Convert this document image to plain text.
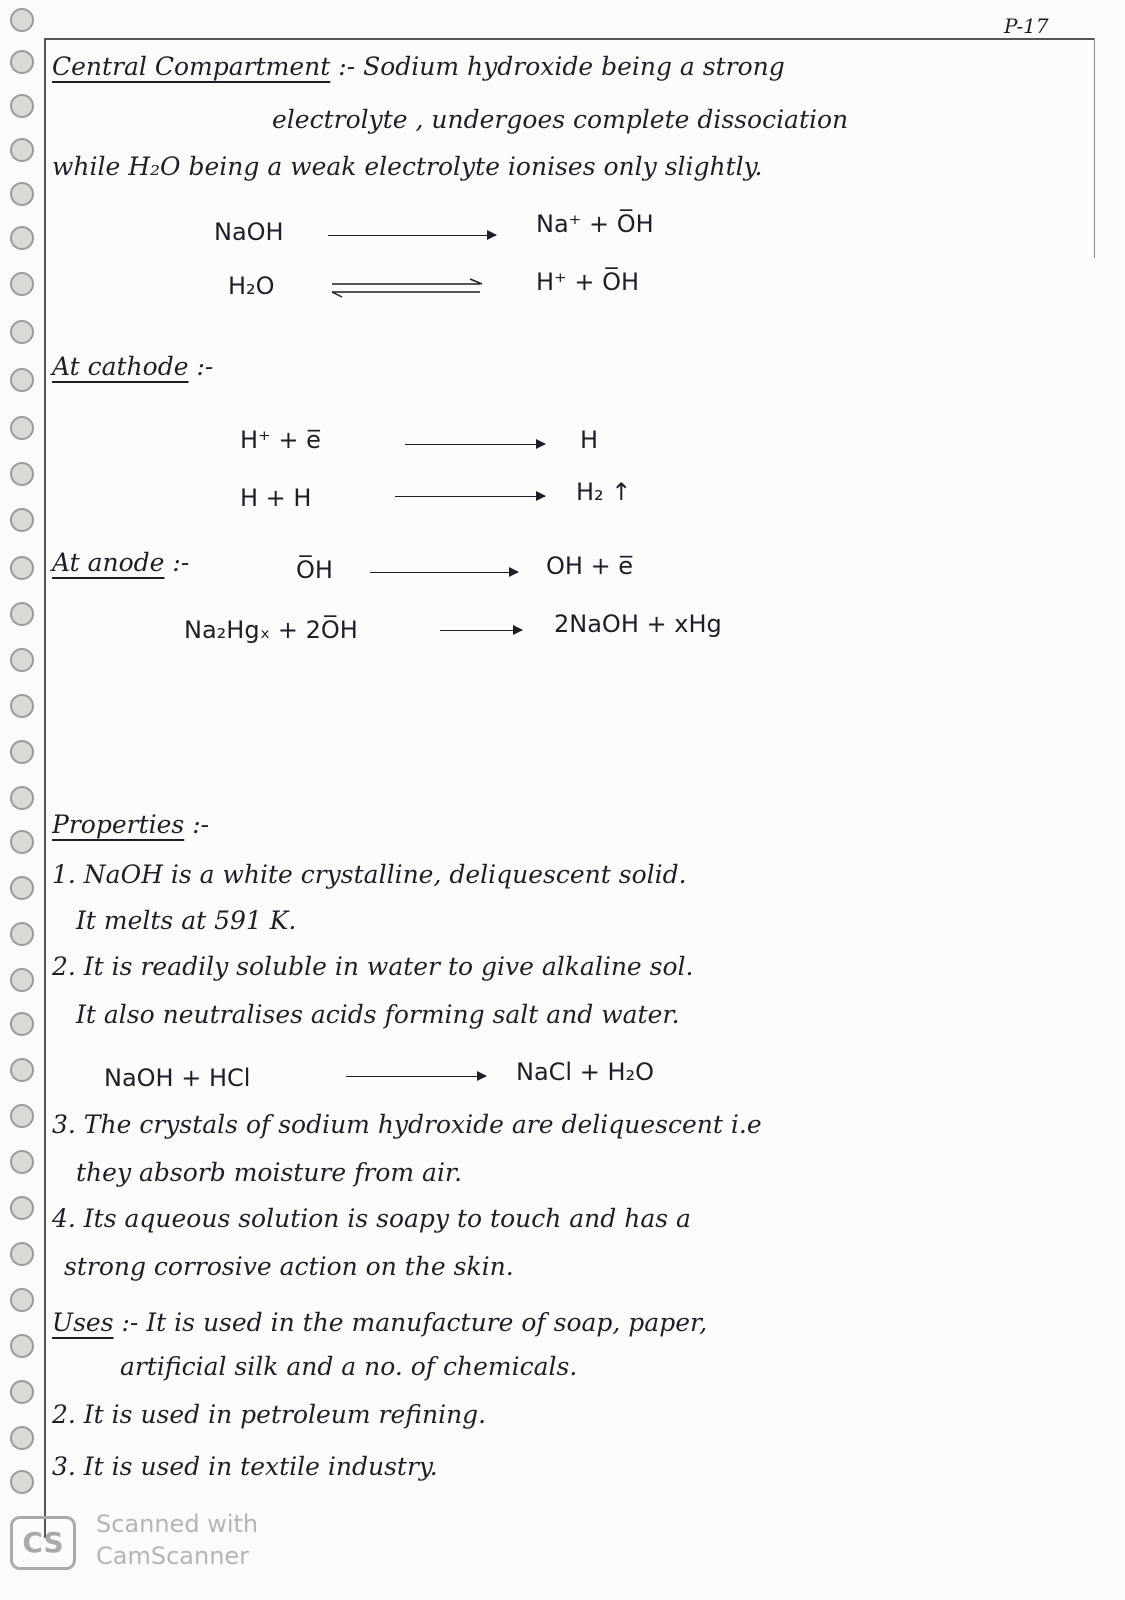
P-17
Central Compartment :- Sodium hydroxide being a strong
electrolyte , undergoes complete dissociation
while H₂O being a weak electrolyte ionises only slightly.
NaOH	Na⁺ + O̅H
H₂O	H⁺ + O̅H
At cathode :-
H⁺ + e̅	H
H + H	H₂ ↑
At anode :-	O̅H	OH + e̅
Na₂Hgₓ + 2O̅H	2NaOH + xHg
Properties :-
1. NaOH is a white crystalline, deliquescent solid.
It melts at 591 K.
2. It is readily soluble in water to give alkaline sol.
It also neutralises acids forming salt and water.
NaOH + HCl	NaCl + H₂O
3. The crystals of sodium hydroxide are deliquescent i.e
they absorb moisture from air.
4. Its aqueous solution is soapy to touch and has a
strong corrosive action on the skin.
Uses :- It is used in the manufacture of soap, paper,
artificial silk and a no. of chemicals.
2. It is used in petroleum refining.
3. It is used in textile industry.
CS
Scanned with
CamScanner
